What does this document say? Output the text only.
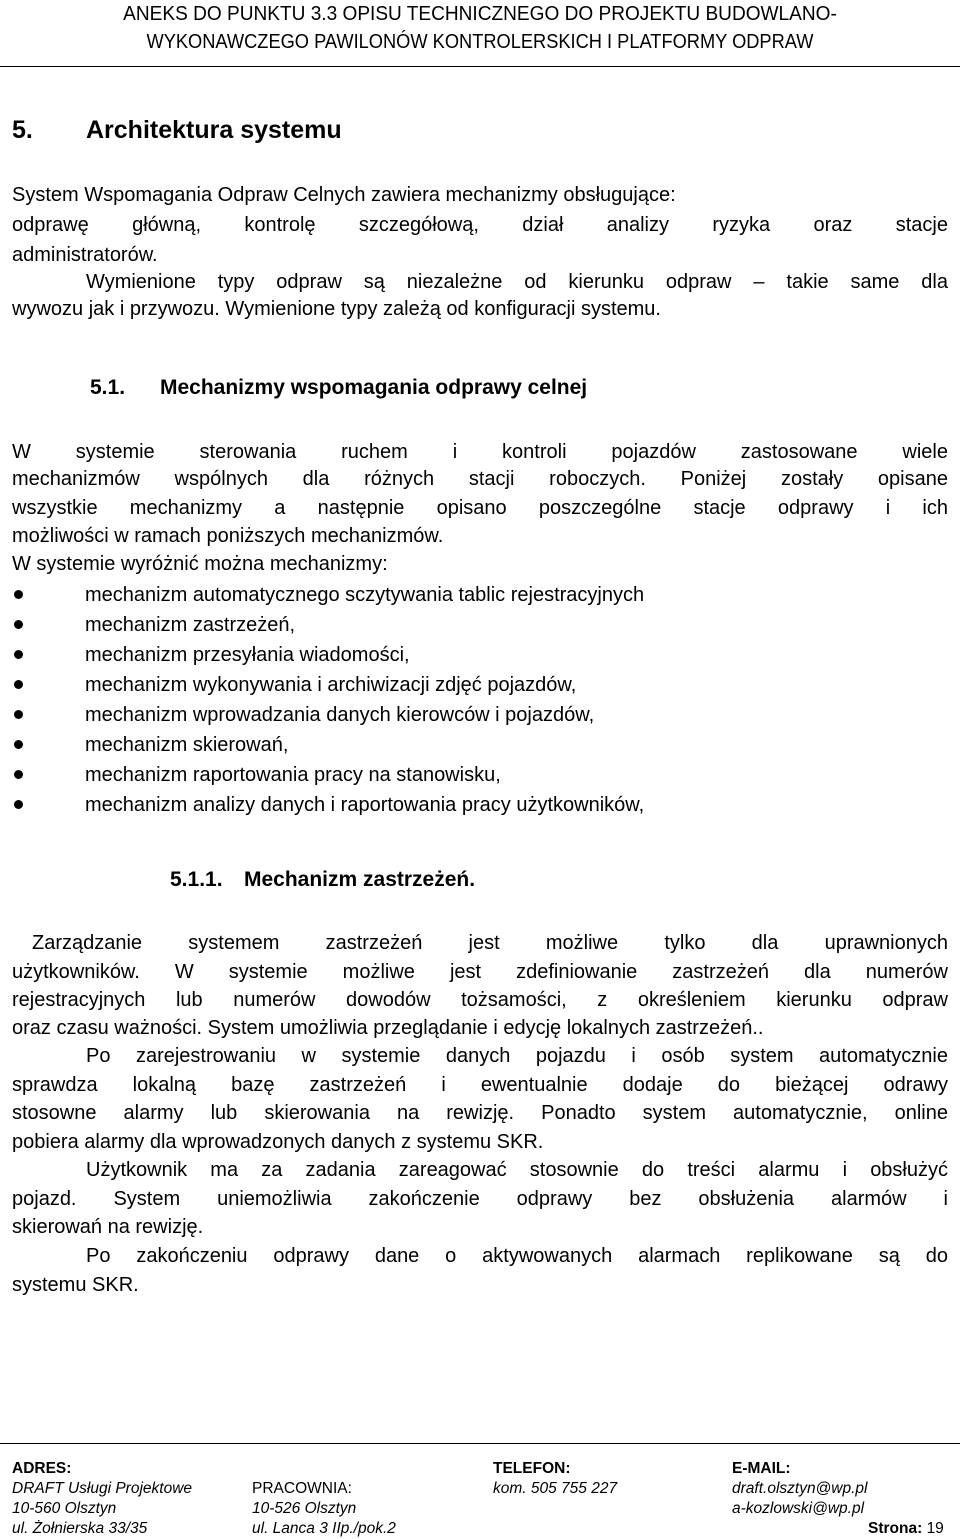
ANEKS DO PUNKTU 3.3 OPISU TECHNICZNEGO DO PROJEKTU BUDOWLANO-
WYKONAWCZEGO PAWILONÓW KONTROLERSKICH I PLATFORMY ODPRAW
5. Architektura systemu

System Wspomagania Odpraw Celnych zawiera mechanizmy obsługujące:

odprawę główną, kontrolę szczegółową, dział analizy ryzyka oraz stacje

administratorów.

Wymienione typy odpraw są niezależne od kierunku odpraw – takie same dla

wywozu jak i przywozu. Wymienione typy zależą od konfiguracji systemu.

5.1. Mechanizmy wspomagania odprawy celnej

W systemie sterowania ruchem i kontroli pojazdów zastosowane wiele

mechanizmów wspólnych dla różnych stacji roboczych. Poniżej zostały opisane

wszystkie mechanizmy a następnie opisano poszczególne stacje odprawy i ich

możliwości w ramach poniższych mechanizmów.

W systemie wyróżnić można mechanizmy:

mechanizm automatycznego sczytywania tablic rejestracyjnych
mechanizm zastrzeżeń,
mechanizm przesyłania wiadomości,
mechanizm wykonywania i archiwizacji zdjęć pojazdów,
mechanizm wprowadzania danych kierowców i pojazdów,
mechanizm skierowań,
mechanizm raportowania pracy na stanowisku,
mechanizm analizy danych i raportowania pracy użytkowników,
5.1.1. Mechanizm zastrzeżeń.

Zarządzanie systemem zastrzeżeń jest możliwe tylko dla uprawnionych

użytkowników. W systemie możliwe jest zdefiniowanie zastrzeżeń dla numerów

rejestracyjnych lub numerów dowodów tożsamości, z określeniem kierunku odpraw

oraz czasu ważności. System umożliwia przeglądanie i edycję lokalnych zastrzeżeń..

Po zarejestrowaniu w systemie danych pojazdu i osób system automatycznie

sprawdza lokalną bazę zastrzeżeń i ewentualnie dodaje do bieżącej odrawy

stosowne alarmy lub skierowania na rewizję. Ponadto system automatycznie, online

pobiera alarmy dla wprowadzonych danych z systemu SKR.

Użytkownik ma za zadania zareagować stosownie do treści alarmu i obsłużyć

pojazd. System uniemożliwia zakończenie odprawy bez obsłużenia alarmów i

skierowań na rewizję.

Po zakończeniu odprawy dane o aktywowanych alarmach replikowane są do

systemu SKR.

ADRES:
DRAFT Usługi Projektowe
10-560 Olsztyn
ul. Żołnierska 33/35

PRACOWNIA:
10-526 Olsztyn
ul. Lanca 3 IIp./pok.2
TELEFON:
kom. 505 755 227
E-MAIL:
draft.olsztyn@wp.pl
a-kozlowski@wp.pl
Strona: 19
